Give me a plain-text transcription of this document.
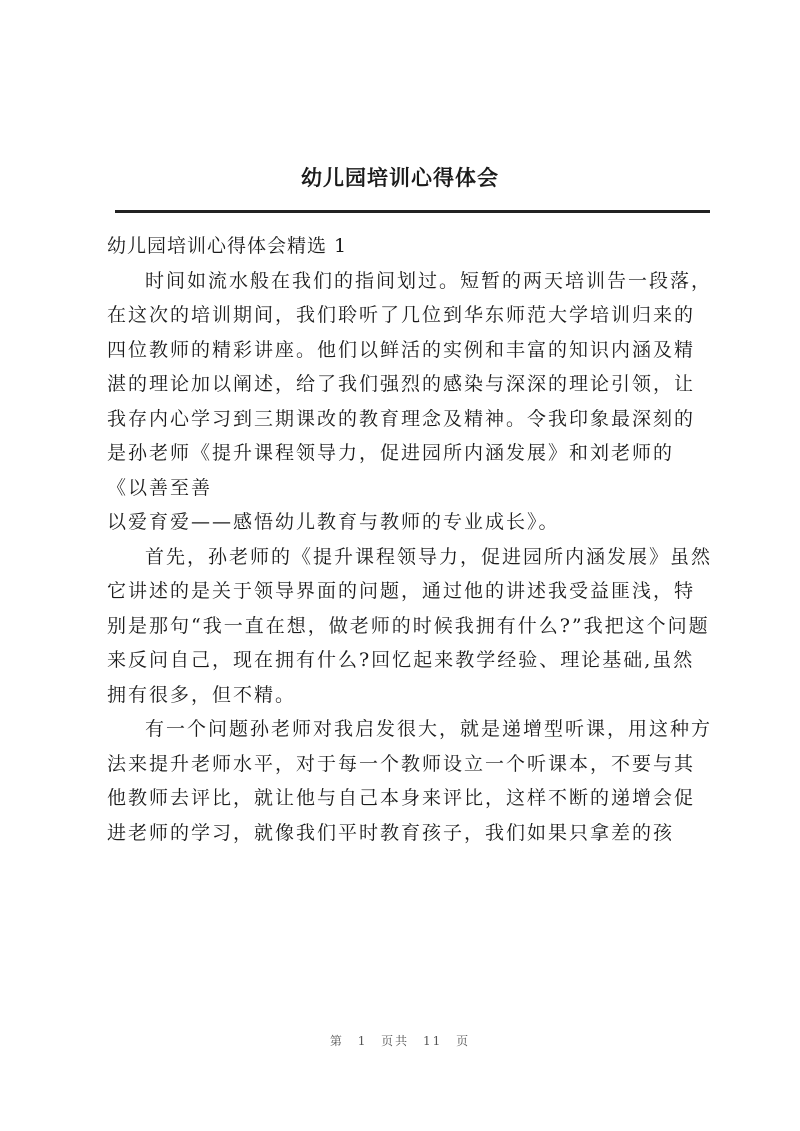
幼儿园培训心得体会

幼儿园培训心得体会精选 1

时间如流水般在我们的指间划过。短暂的两天培训告一段落，在这次的培训期间，我们聆听了几位到华东师范大学培训归来的四位教师的精彩讲座。他们以鲜活的实例和丰富的知识内涵及精湛的理论加以阐述，给了我们强烈的感染与深深的理论引领，让我存内心学习到三期课改的教育理念及精神。令我印象最深刻的是孙老师《提升课程领导力，促进园所内涵发展》和刘老师的《以善至善

以爱育爱——感悟幼儿教育与教师的专业成长》。

首先，孙老师的《提升课程领导力，促进园所内涵发展》虽然它讲述的是关于领导界面的问题，通过他的讲述我受益匪浅，特别是那句“我一直在想，做老师的时候我拥有什么?”我把这个问题来反问自己，现在拥有什么?回忆起来教学经验、理论基础,虽然拥有很多，但不精。

有一个问题孙老师对我启发很大，就是递增型听课，用这种方法来提升老师水平，对于每一个教师设立一个听课本，不要与其他教师去评比，就让他与自己本身来评比，这样不断的递增会促进老师的学习，就像我们平时教育孩子，我们如果只拿差的孩

第 1 页共 11 页
